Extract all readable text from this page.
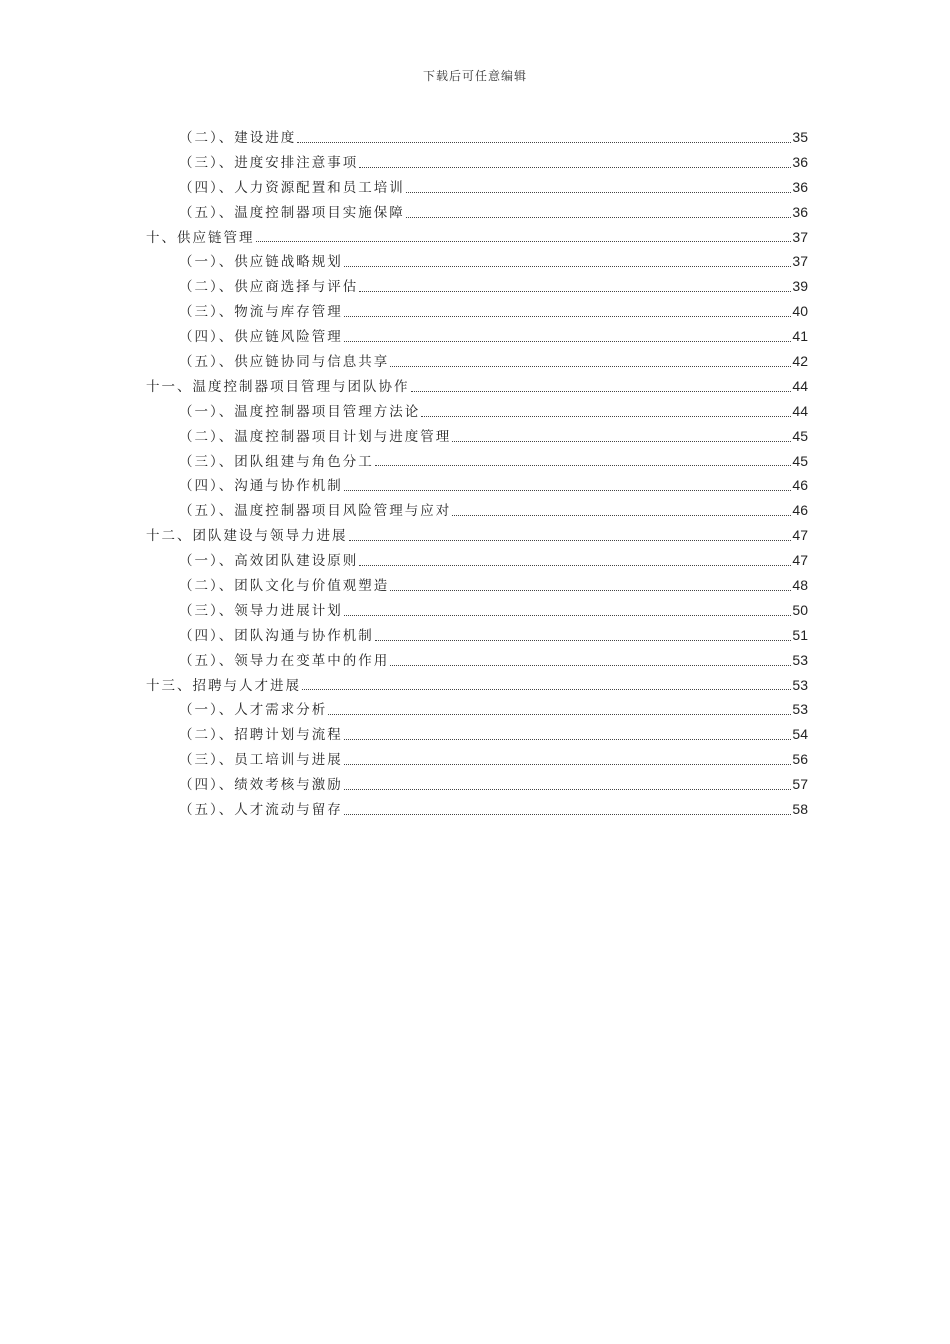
下载后可任意编辑
（二）、建设进度	35
（三）、进度安排注意事项	36
（四）、人力资源配置和员工培训	36
（五）、温度控制器项目实施保障	36
十、供应链管理	37
（一）、供应链战略规划	37
（二）、供应商选择与评估	39
（三）、物流与库存管理	40
（四）、供应链风险管理	41
（五）、供应链协同与信息共享	42
十一、温度控制器项目管理与团队协作	44
（一）、温度控制器项目管理方法论	44
（二）、温度控制器项目计划与进度管理	45
（三）、团队组建与角色分工	45
（四）、沟通与协作机制	46
（五）、温度控制器项目风险管理与应对	46
十二、团队建设与领导力进展	47
（一）、高效团队建设原则	47
（二）、团队文化与价值观塑造	48
（三）、领导力进展计划	50
（四）、团队沟通与协作机制	51
（五）、领导力在变革中的作用	53
十三、招聘与人才进展	53
（一）、人才需求分析	53
（二）、招聘计划与流程	54
（三）、员工培训与进展	56
（四）、绩效考核与激励	57
（五）、人才流动与留存	58
